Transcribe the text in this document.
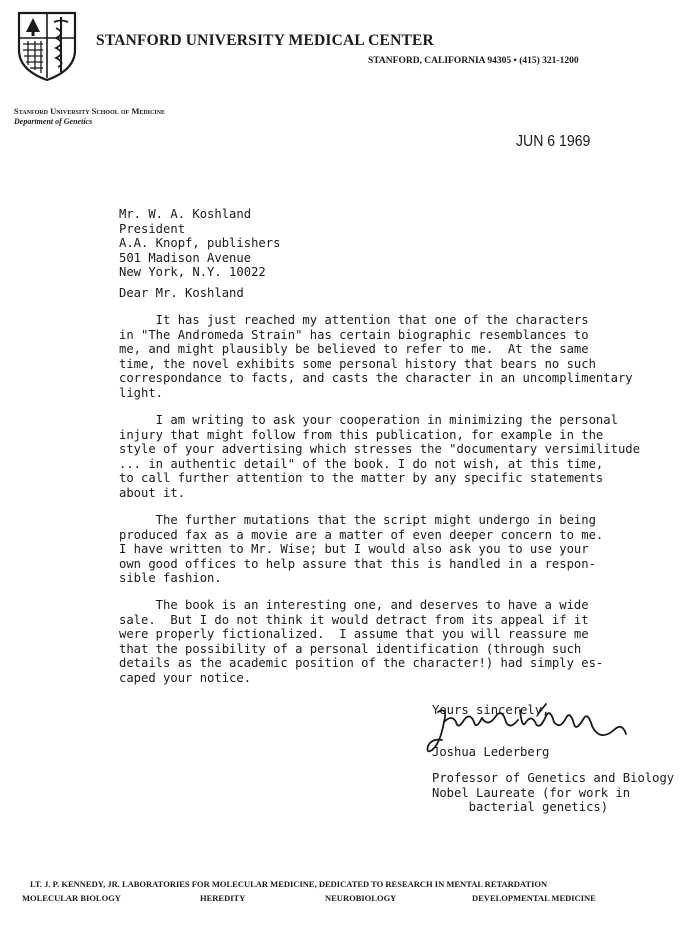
STANFORD UNIVERSITY MEDICAL CENTER
STANFORD, CALIFORNIA 94305 • (415) 321-1200
Stanford University School of Medicine
Department of Genetics
JUN 6 1969
Mr. W. A. Koshland
President
A.A. Knopf, publishers
501 Madison Avenue
New York, N.Y. 10022
Dear Mr. Koshland
It has just reached my attention that one of the characters
in "The Andromeda Strain" has certain biographic resemblances to
me, and might plausibly be believed to refer to me.  At the same
time, the novel exhibits some personal history that bears no such
correspondance to facts, and casts the character in an uncomplimentary
light.
I am writing to ask your cooperation in minimizing the personal
injury that might follow from this publication, for example in the
style of your advertising which stresses the "documentary versimilitude
... in authentic detail" of the book. I do not wish, at this time,
to call further attention to the matter by any specific statements
about it.
The further mutations that the script might undergo in being
produced fax as a movie are a matter of even deeper concern to me.
I have written to Mr. Wise; but I would also ask you to use your
own good offices to help assure that this is handled in a respon-
sible fashion.
The book is an interesting one, and deserves to have a wide
sale.  But I do not think it would detract from its appeal if it
were properly fictionalized.  I assume that you will reassure me
that the possibility of a personal identification (through such
details as the academic position of the character!) had simply es-
caped your notice.
Yours sincerely,
Joshua Lederberg
Professor of Genetics and Biology
Nobel Laureate (for work in
bacterial genetics)
LT. J. P. KENNEDY, JR. LABORATORIES FOR MOLECULAR MEDICINE, DEDICATED TO RESEARCH IN MENTAL RETARDATION
MOLECULAR BIOLOGY	HEREDITY	NEUROBIOLOGY	DEVELOPMENTAL MEDICINE
